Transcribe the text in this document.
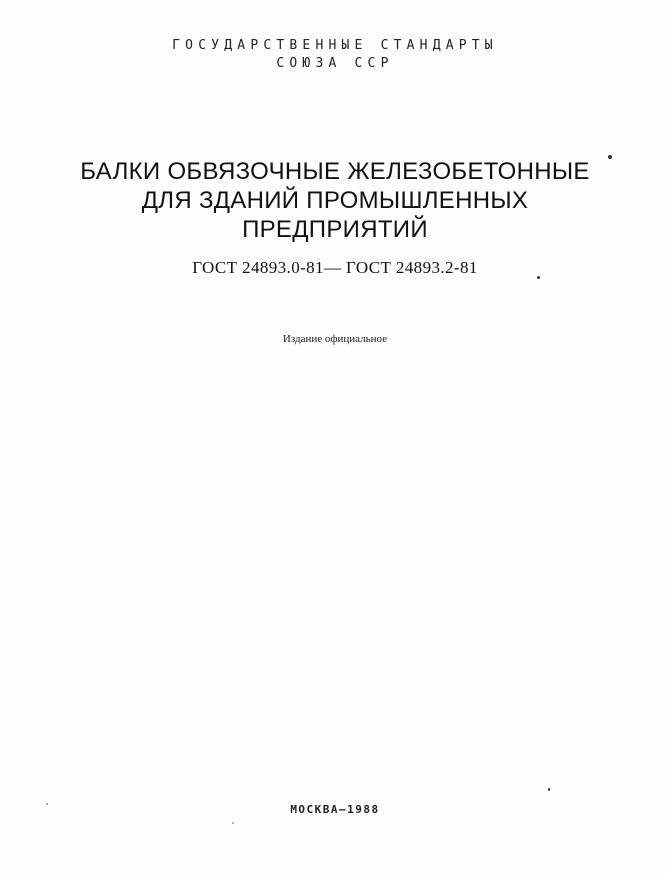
ГОСУДАРСТВЕННЫЕ СТАНДАРТЫ
СОЮЗА ССР
БАЛКИ ОБВЯЗОЧНЫЕ ЖЕЛЕЗОБЕТОННЫЕ
ДЛЯ ЗДАНИЙ ПРОМЫШЛЕННЫХ
ПРЕДПРИЯТИЙ
ГОСТ 24893.0-81— ГОСТ 24893.2-81
Издание официальное
МОСКВА—1988
